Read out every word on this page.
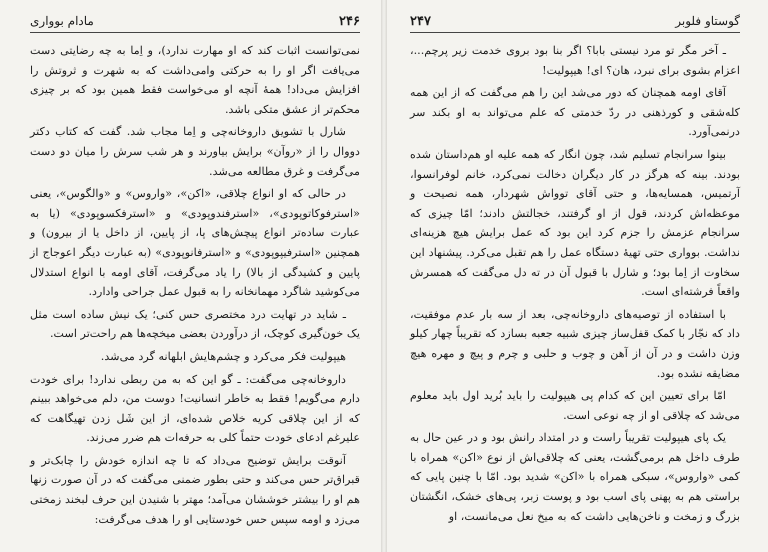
۲۴۶
مادام بوواری

نمی‌توانست اثبات کند که او مهارت ندارد)، و اِما به چه رضایتی دست می‌یافت اگر او را به حرکتی وامی‌داشت که به شهرت و ثروتش را افزایش می‌داد! همهٔ آنچه او می‌خواست فقط همین بود که بر چیزی محکم‌تر از عشق متکی باشد.

شارل با تشویق داروخانه‌چی و اِما مجاب شد. گفت که کتاب دکتر دووال را از «روآن» برایش بیاورند و هر شب سرش را میان دو دست می‌گرفت و غرق مطالعه می‌شد.

در حالی که او انواع چلاقی، «اکن»، «واروس» و «والگوس»، یعنی «استرفوکاتوپودی»، «استرفندوپودی» و «استرفکسوپودی» (یا به عبارت ساده‌تر انواع پیچش‌های پا، از پایین، از داخل یا از بیرون) و همچنین «استرفیپوپودی» و «استرفانوپودی» (به عبارت دیگر اعوجاج از پایین و کشیدگی از بالا) را یاد می‌گرفت، آقای اومه با انواع استدلال می‌کوشید شاگرد مهمانخانه را به قبول عمل جراحی وادارد.

ـ شاید در تهایت درد مختصری حس کنی؛ یک نیش ساده است مثل یک خون‌گیری کوچک، از درآوردن بعضی میخچه‌ها هم راحت‌تر است.

هیپولیت فکر می‌کرد و چشم‌هایش ابلهانه گرد می‌شد.

داروخانه‌چی می‌گفت: ـ گو این که به من ربطی ندارد! برای خودت دارم می‌گویم! فقط به خاطر انسانیت! دوست من، دلم می‌خواهد ببینم که از این چلاقی کریه خلاص شده‌ای، از این شَل زدن تهیگاهت که علیرغم ادعای خودت حتماً کلی به حرفه‌ات هم ضرر می‌زند.

آنوقت برایش توضیح می‌داد که تا چه اندازه خودش را چابک‌تر و قبراق‌تر حس می‌کند و حتی بطور ضمنی می‌گفت که در آن صورت زنها هم او را بیشتر خوششان می‌آمد؛ مهتر با شنیدن این حرف لبخند زمختی می‌زد و اومه سپس حس خودستایی او را هدف می‌گرفت:

گوستاو فلوبر
۲۴۷

ـ آخر مگر تو مرد نیستی بابا؟ اگر بنا بود بروی خدمت زیر پرچم...، اعزام بشوی برای نبرد، هان؟ ای! هیپولیت!

آقای اومه همچنان که دور می‌شد این را هم می‌گفت که از این همه کله‌شقی و کورذهنی در ردّ خدمتی که علم می‌تواند به او بکند سر درنمی‌آورد.

بینوا سرانجام تسلیم شد، چون انگار که همه علیه او هم‌داستان شده بودند. بینه که هرگز در کار دیگران دخالت نمی‌کرد، خانم لوفرانسوا، آرتمیس، همسایه‌ها، و حتی آقای توواش شهردار، همه نصیحت و موعظه‌اش کردند، قول از او گرفتند، خجالتش دادند؛ امّا چیزی که سرانجام عزمش را جزم کرد این بود که عمل برایش هیچ هزینه‌ای نداشت. بوواری حتی تهیهٔ دستگاه عمل را هم تقبل می‌کرد. پیشنهاد این سخاوت از اِما بود؛ و شارل با قبول آن در ته دل می‌گفت که همسرش واقعاً فرشته‌ای است.

با استفاده از توصیه‌های داروخانه‌چی، بعد از سه بار عدم موفقیت، داد که نجّار با کمک قفل‌ساز چیزی شبیه جعبه بسازد که تقریباً چهار کیلو وزن داشت و در آن از آهن و چوب و حلبی و چرم و پیچ و مهره هیچ مضایقه نشده بود.

امّا برای تعیین این که کدام پی هیپولیت را باید بُرید اول باید معلوم می‌شد که چلاقی او از چه نوعی است.

یک پای هیپولیت تقریباً راست و در امتداد رانش بود و در عین حال به طرف داخل هم برمی‌گشت، یعنی که چلاقی‌اش از نوع «اکن» همراه با کمی «واروس»، سبکی همراه با «اکن» شدید بود. امّا با چنین پایی که براستی هم به پهنی پای اسب بود و پوست زبر، پی‌های خشک، انگشتان بزرگ و زمخت و ناخن‌هایی داشت که به میخ نعل می‌مانست، او
